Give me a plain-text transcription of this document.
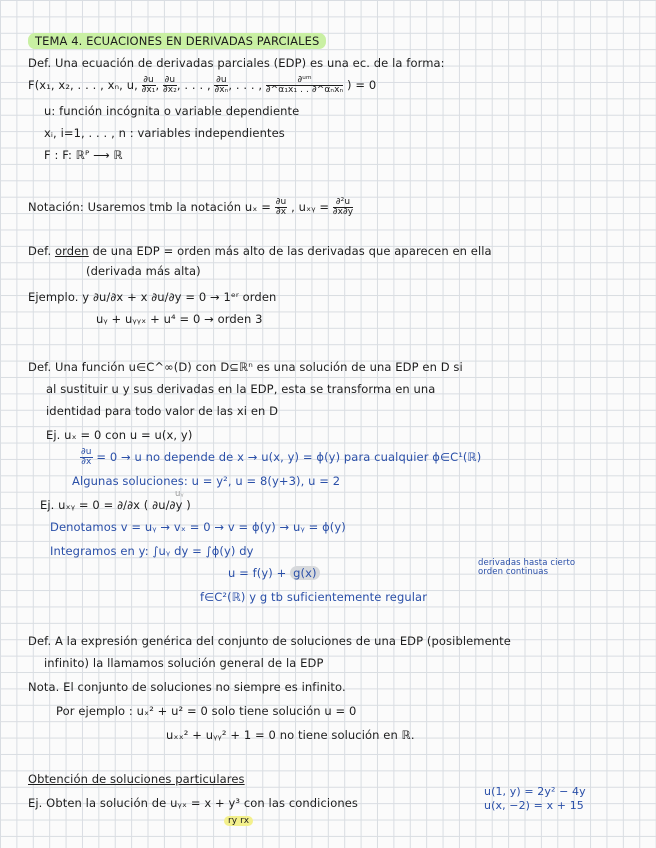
TEMA 4. ECUACIONES EN DERIVADAS PARCIALES
Def. Una ecuación de derivadas parciales (EDP) es una ec. de la forma:
F(x₁, x₂, . . . , xₙ, u, $\frac{\partial u}{\text{∂x₁}}$ , $\frac{\partial u}{\text{∂x₂}}$ , . . . , $\frac{\partial u}{\text{∂xₙ}}$ , . . . , $\frac{\text{∂ᵘᵐ}}{\text{∂\textasciicircum{}α₁x₁ . . ∂\textasciicircum{}αₙxₙ}}$ ) = 0
u: función incógnita o variable dependiente
xᵢ, i=1, . . . , n : variables independientes
F : F: ℝᴾ ⟶ ℝ
Notación: Usaremos tmb la notación $u_x = \frac{\partial u}{\partial x}$ , uₓᵧ = $\frac{\text{∂²u}}{\partial x\partial y}$
Def. orden de una EDP = orden más alto de las derivadas que aparecen en ella
(derivada más alta)
Ejemplo. y ∂u/∂x + x ∂u/∂y = 0 → 1ᵉʳ orden
uᵧ + uᵧᵧₓ + u⁴ = 0 → orden 3
Def. Una función u∈C^∞(D) con D⊆ℝⁿ es una solución de una EDP en D si
al sustituir u y sus derivadas en la EDP, esta se transforma en una
identidad para todo valor de las xi en D
Ej. uₓ = 0 con u = u(x, y)
$\frac{\partial u}{\partial x} = 0 \to u$ no depende de x → u(x, y) = ϕ(y) para cualquier ϕ∈C¹(ℝ)
Algunas soluciones: u = y², u = 8(y+3), u = 2
Ej. uₓᵧ = 0 = ∂/∂x ( ∂u/∂y )
uᵧ
Denotamos v = uᵧ → vₓ = 0 → v = ϕ(y) → uᵧ = ϕ(y)
Integramos en y: ∫uᵧ dy = ∫ϕ(y) dy
u = f(y) + g(x)
derivadas hasta cierto orden continuas
f∈C²(ℝ) y g tb suficientemente regular
Def. A la expresión genérica del conjunto de soluciones de una EDP (posiblemente
infinito) la llamamos solución general de la EDP
Nota. El conjunto de soluciones no siempre es infinito.
Por ejemplo : uₓ² + u² = 0 solo tiene solución u = 0
uₓₓ² + uᵧᵧ² + 1 = 0 no tiene solución en ℝ.
Obtención de soluciones particulares
Ej. Obten la solución de uᵧₓ = x + y³ con las condiciones
u(1, y) = 2y² − 4y
u(x, −2) = x + 15
ry rx
